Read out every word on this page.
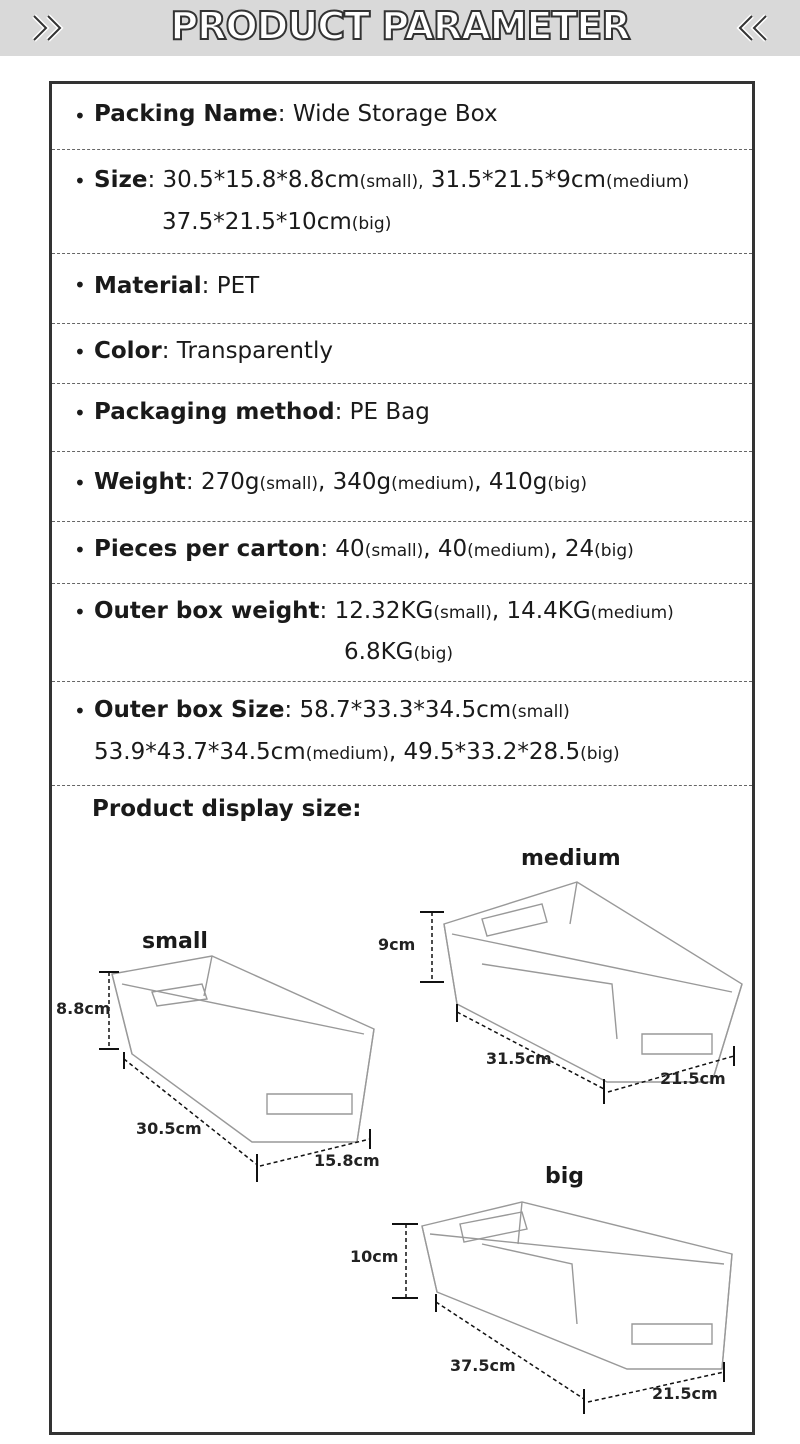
PRODUCT PARAMETER
• Packing Name: Wide Storage Box
• Size: 30.5*15.8*8.8cm(small), 31.5*21.5*9cm(medium)
37.5*21.5*10cm(big)
• Material: PET
• Color: Transparently
• Packaging method: PE Bag
• Weight: 270g(small), 340g(medium), 410g(big)
• Pieces per carton: 40(small), 40(medium), 24(big)
• Outer box weight: 12.32KG(small), 14.4KG(medium)
6.8KG(big)
• Outer box Size: 58.7*33.3*34.5cm(small)
53.9*43.7*34.5cm(medium), 49.5*33.2*28.5(big)
Product display size:
small
8.8cm
30.5cm
15.8cm
medium
9cm
31.5cm
21.5cm
big
10cm
37.5cm
21.5cm
